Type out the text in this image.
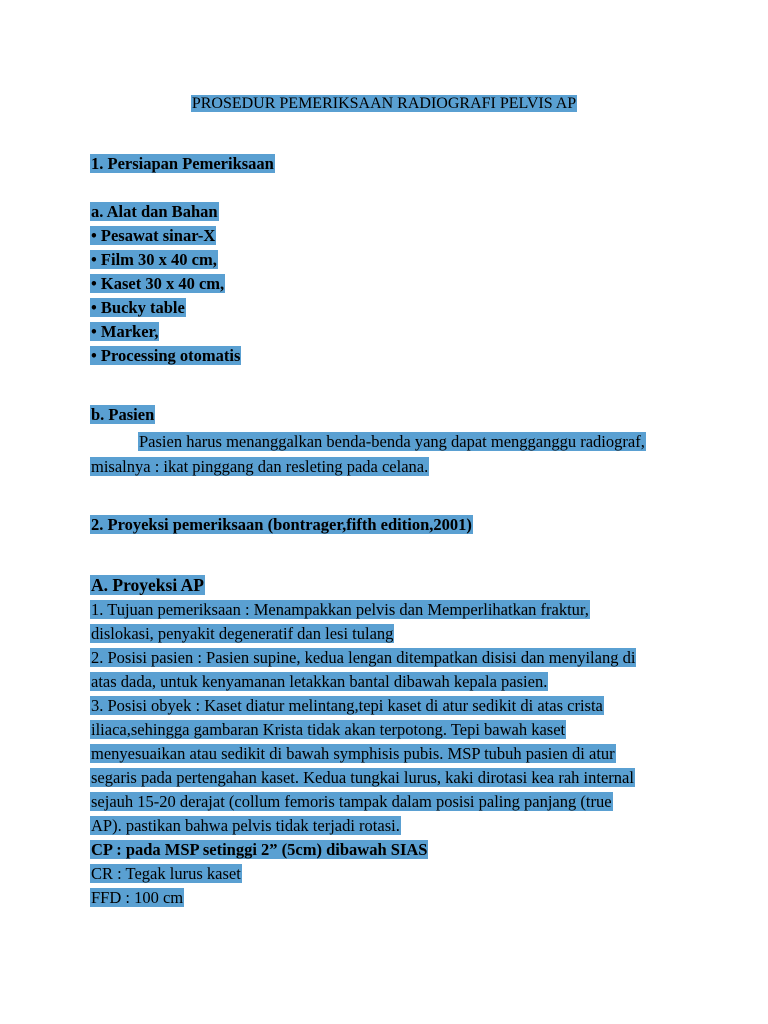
PROSEDUR PEMERIKSAAN RADIOGRAFI PELVIS AP
1. Persiapan Pemeriksaan
a. Alat dan Bahan
• Pesawat sinar-X
• Film 30 x 40 cm,
• Kaset 30 x 40 cm,
• Bucky table
• Marker,
• Processing otomatis
b. Pasien
Pasien harus menanggalkan benda-benda yang dapat mengganggu radiograf,
misalnya : ikat pinggang dan resleting pada celana.
2. Proyeksi pemeriksaan (bontrager,fifth edition,2001)
A. Proyeksi AP
1. Tujuan pemeriksaan : Menampakkan pelvis dan Memperlihatkan fraktur,
dislokasi, penyakit degeneratif dan lesi tulang
2. Posisi pasien : Pasien supine, kedua lengan ditempatkan disisi dan menyilang di
atas dada, untuk kenyamanan letakkan bantal dibawah kepala pasien.
3. Posisi obyek : Kaset diatur melintang,tepi kaset di atur sedikit di atas crista
iliaca,sehingga gambaran Krista tidak akan terpotong. Tepi bawah kaset
menyesuaikan atau sedikit di bawah symphisis pubis. MSP tubuh pasien di atur
segaris pada pertengahan kaset. Kedua tungkai lurus, kaki dirotasi kea rah internal
sejauh 15-20 derajat (collum femoris tampak dalam posisi paling panjang (true
AP). pastikan bahwa pelvis tidak terjadi rotasi.
CP : pada MSP setinggi 2” (5cm) dibawah SIAS
CR : Tegak lurus kaset
FFD : 100 cm
